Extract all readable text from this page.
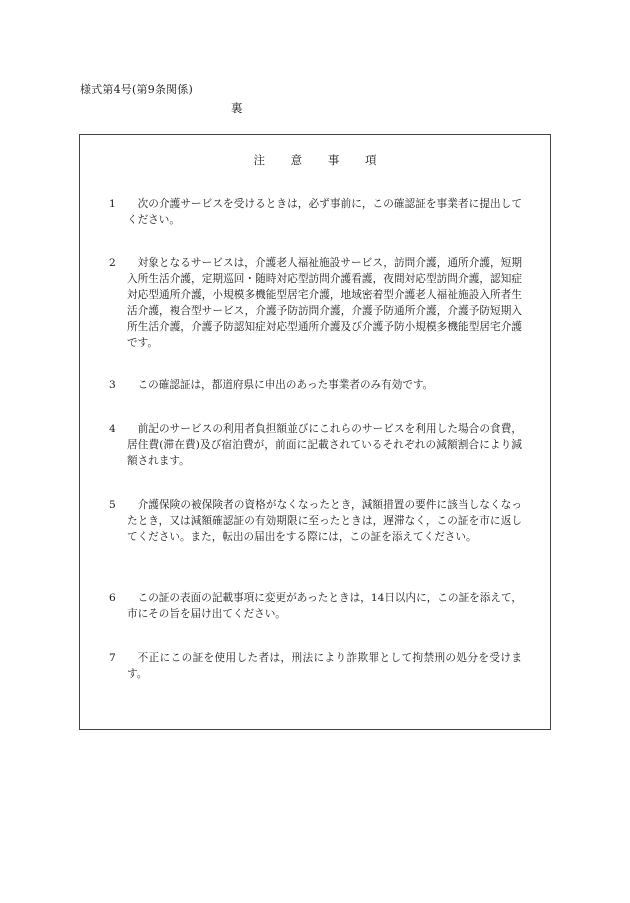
様式第4号(第9条関係)
裏
注 意 事 項
1	次の介護サービスを受けるときは，必ず事前に，この確認証を事業者に提出してください。
2	対象となるサービスは，介護老人福祉施設サービス，訪問介護，通所介護，短期入所生活介護，定期巡回・随時対応型訪問介護看護，夜間対応型訪問介護，認知症対応型通所介護，小規模多機能型居宅介護，地域密着型介護老人福祉施設入所者生活介護，複合型サービス，介護予防訪問介護，介護予防通所介護，介護予防短期入所生活介護，介護予防認知症対応型通所介護及び介護予防小規模多機能型居宅介護です。
3	この確認証は，都道府県に申出のあった事業者のみ有効です。
4	前記のサービスの利用者負担額並びにこれらのサービスを利用した場合の食費，居住費(滞在費)及び宿泊費が，前面に記載されているそれぞれの減額割合により減額されます。
5	介護保険の被保険者の資格がなくなったとき，減額措置の要件に該当しなくなったとき，又は減額確認証の有効期限に至ったときは，遅滞なく，この証を市に返してください。また，転出の届出をする際には，この証を添えてください。
6	この証の表面の記載事項に変更があったときは，14日以内に，この証を添えて，市にその旨を届け出てください。
7	不正にこの証を使用した者は，刑法により詐欺罪として拘禁刑の処分を受けます。
